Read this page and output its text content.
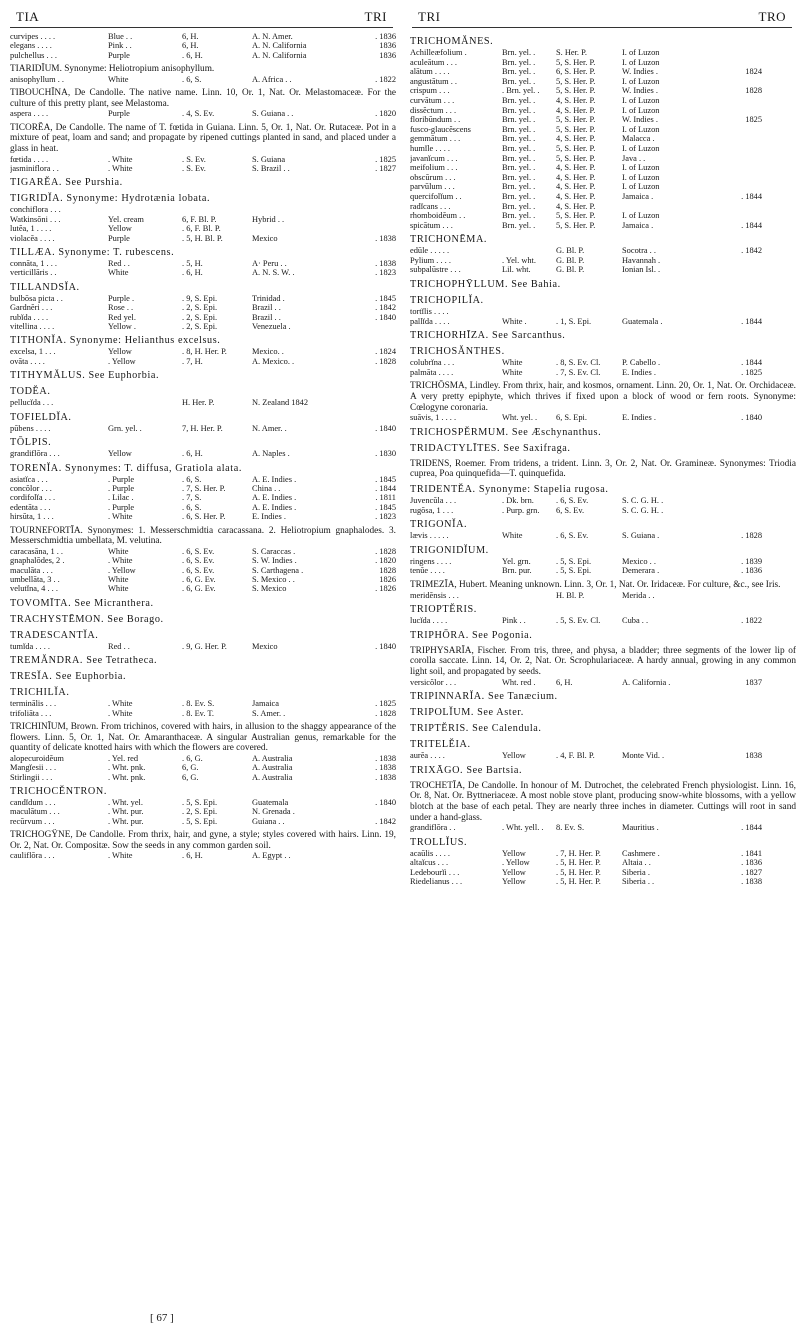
TIA	TRI TRI	TRO
curvipes . . . .	Blue . .	6, H.	A. N. Amer.	. 1836
elegans . . . .	Pink . .	6, H.	A. N. California	1836
pulchellus . . .	Purple	. 6, H.	A. N. California	1836
TIARIDĬUM. Synonyme: Heliotropium anisophyllum.
anisophyllum . .	White	. 6, S.	A. Africa . .	. 1822
TIBOUCHĬNA, De Candolle. The native name. Linn. 10, Or. 1, Nat. Or. Melastomaceæ. For the culture of this pretty plant, see Melastoma.
aspera . . . .	Purple	. 4, S. Ev.	S. Guiana . .	. 1820
TICORĔA, De Candolle. The name of T. fœtida in Guiana. Linn. 5, Or. 1, Nat. Or. Rutaceæ. Pot in a mixture of peat, loam and sand; and propagate by ripened cuttings planted in sand, and placed under a glass in heat.
fœtida . . . .	. White	. S. Ev.	S. Guiana	. 1825
jasminiflora . .	. White	. S. Ev.	S. Brazil . .	. 1827
TIGARĔA. See Purshia.
TIGRIDĬA. Synonyme: Hydrotænia lobata.
conchiflora . . .
Watkinsŏni . . .	Yel. cream	6, F. Bl. P.	Hybrid . .
lutĕa, 1 . . . .	Yellow	. 6, F. Bl. P.
violacĕa . . . .	Purple	. 5, H. Bl. P.	Mexico	. 1838
TILLÆA. Synonyme: T. rubescens.
connāta, 1 . . .	Red . .	. 5, H.	A· Peru . .	. 1838
verticillāris . .	White	. 6, H.	A. N. S. W. .	. 1823
TILLANDSĬA.
bulbōsa picta . .	Purple .	. 9, S. Epi.	Trinidad .	. 1845
Gardnĕri . . .	Rose . .	. 2, S. Epi.	Brazil . .	. 1842
rubĭda . . . .	Red yel.	. 2, S. Epi.	Brazil . .	. 1840
vitellina . . . .	Yellow .	. 2, S. Epi.	Venezuela .
TITHONĬA. Synonyme: Helianthus excelsus.
excelsa, 1 . . .	Yellow	. 8, H. Her. P.	Mexico. .	. 1824
ovāta . . . .	. Yellow	. 7, H.	A. Mexico. .	. 1828
TITHYMĂLUS. See Euphorbia.
TODĔA.
pellucĭda . . .	H. Her. P.	N. Zealand 1842
TOFIELDĬA.
pūbens . . . .	Grn. yel. .	7, H. Her. P.	N. Amer. .	. 1840
TŌLPIS.
grandiflōra . . .	Yellow	. 6, H.	A. Naples .	. 1830
TORENĬA. Synonymes: T. diffusa, Gratiola alata.
asiatĭca . . .	. Purple	. 6, S.	A. E. Indies .	. 1845
concŏlor . . .	. Purple	. 7, S. Her. P.	China . .	. 1844
cordifolĭa . . .	. Lilac .	. 7, S.	A. E. Indies .	. 1811
edentāta . . .	. Purple	. 6, S.	A. E. Indies .	. 1845
hirsūta, 1 . . .	. White	. 6, S. Her. P.	E. Indies .	. 1823
TOURNEFORTĬA. Synonymes: 1. Messerschmidtia caracassana. 2. Heliotropium gnaphalodes. 3. Messerschmidtia umbellata, M. velutina.
caracasāna, 1 . .	White	. 6, S. Ev.	S. Caraccas .	. 1828
gnaphalōdes, 2 .	. White	. 6, S. Ev.	S. W. Indies .	. 1820
maculāta . . .	. Yellow	. 6, S. Ev.	S. Carthagena .	1828
umbellāta, 3 . .	White	. 6, G. Ev.	S. Mexico . .	1826
velutĭna, 4 . . .	White	. 6, G. Ev.	S. Mexico	. 1826
TOVOMĪTA. See Micranthera.
TRACHYSTĒMON. See Borago.
TRADESCANTĬA.
tumĭda . . . .	Red . .	. 9, G. Her. P.	Mexico	. 1840
TREMĂNDRA. See Tetratheca.
TRESĬA. See Euphorbia.
TRICHILĬA.
terminālis . . .	. White	. 8. Ev. S.	Jamaica	. 1825
trifoliāta . . .	. White	. 8. Ev. T.	S. Amer. .	. 1828
TRICHINĬUM, Brown. From trichinos, covered with hairs, in allusion to the shaggy appearance of the flowers. Linn. 5, Or. 1, Nat. Or. Amaranthaceæ. A singular Australian genus, remarkable for the quantity of delicate knotted hairs with which the flowers are covered.
alopecuroidĕum	. Yel. red	. 6, G.	A. Australia	. 1838
Mangĭesii . . .	. Wht. pnk.	6, G.	A. Australia	. 1838
Stirlingii . . .	. Wht. pnk.	6, G.	A. Australia	. 1838
TRICHOCĔNTRON.
candĭdum . . .	. Wht. yel.	. 5, S. Epi.	Guatemala	. 1840
maculātum . . .	. Wht. pur.	. 2, S. Epi.	N. Grenada .
recūrvum . . .	. Wht. pur.	. 5, S. Epi.	Guiana . .	. 1842
TRICHOGŸNE, De Candolle. From thrix, hair, and gyne, a style; styles covered with hairs. Linn. 19, Or. 2, Nat. Or. Compositæ. Sow the seeds in any common garden soil.
cauliflōra . . .	. White	. 6, H.	A. Egypt . .
[ 67 ]
TRICHOMĂNES.
Achilleæfolium .	Brn. yel. .	S. Her. P.	I. of Luzon
aculeātum . . .	Brn. yel. .	5, S. Her. P.	I. of Luzon
alātum . . . .	Brn. yel. .	6, S. Her. P.	W. Indies .	1824
angustātum . .	Brn. yel. .	5, S. Her. P.	I. of Luzon
crispum . . .	. Brn. yel. .	5, S. Her. P.	W. Indies .	1828
curvātum . . .	Brn. yel. .	4, S. Her. P.	I. of Luzon
dissĕctum . . .	Brn. yel. .	4, S. Her. P.	I. of Luzon
floribūndum . .	Brn. yel. .	5, S. Her. P.	W. Indies .	1825
fusco-glaucĕscens	Brn. yel. .	5, S. Her. P.	I. of Luzon
gemmātum . . .	Brn. yel. .	4, S. Her. P.	Malacca .
humĭle . . . .	Brn. yel. .	5, S. Her. P.	I. of Luzon
javanĭcum . . .	Brn. yel. .	5, S. Her. P.	Java . .
meifolium . . .	Brn. yel. .	4, S. Her. P.	I. of Luzon
obscūrum . . .	Brn. yel. .	4, S. Her. P.	I. of Luzon
parvūlum . . .	Brn. yel. .	4, S. Her. P.	I. of Luzon
quercifolĭum . .	Brn. yel. .	4, S. Her. P.	Jamaica .	. 1844
radĭcans . . .	Brn. yel. .	4, S. Her. P.
rhomboidĕum . .	Brn. yel. .	5, S. Her. P.	I. of Luzon
spicātum . . .	Brn. yel. .	5, S. Her. P.	Jamaica .	. 1844
TRICHONĒMA.
edūle . . . . .	G. Bl. P.	Socotra . .	. 1842
Pylium . . . .	. Yel. wht.	G. Bl. P.	Havannah .
subpalūstre . . .	Lil. wht.	G. Bl. P.	Ionian Isl. .
TRICHOPHȲLLUM. See Bahia.
TRICHOPILĬA.
tortĭlis . . . .
pallĭda . . . .	White .	. 1, S. Epi.	Guatemala .	. 1844
TRICHORHĪZA. See Sarcanthus.
TRICHOSĂNTHES.
colubrĭna . . .	White	. 8, S. Ev. Cl.	P. Cabello .	. 1844
palmāta . . . .	White	. 7, S. Ev. Cl.	E. Indies .	. 1825
TRICHŌSMA, Lindley. From thrix, hair, and kosmos, ornament. Linn. 20, Or. 1, Nat. Or. Orchidaceæ. A very pretty epiphyte, which thrives if fixed upon a block of wood or fern roots. Synonyme: Cœlogyne coronaria.
suāvis, 1 . . . .	Wht. yel. .	6, S. Epi.	E. Indies .	. 1840
TRICHOSPĔRMUM. See Æschynanthus.
TRIDACTYLĪTES. See Saxifraga.
TRIDENS, Roemer. From tridens, a trident. Linn. 3, Or. 2, Nat. Or. Gramineæ. Synonymes: Triodia cuprea, Poa quinquefida—T. quinquefida.
TRIDENTĔA. Synonyme: Stapelia rugosa.
Juvencŭla . . .	. Dk. brn.	. 6, S. Ev.	S. C. G. H. .
rugōsa, 1 . . .	. Purp. grn.	6, S. Ev.	S. C. G. H. .
TRIGONĬA.
lævis . . . . .	White	. 6, S. Ev.	S. Guiana .	. 1828
TRIGONIDĬUM.
ringens . . . .	Yel. grn.	. 5, S. Epi.	Mexico . .	. 1839
tenŭe . . . .	Brn. pur.	. 5, S. Epi.	Demerara .	. 1836
TRIMEZĬA, Hubert. Meaning unknown. Linn. 3, Or. 1, Nat. Or. Iridaceæ. For culture, &c., see Iris.
meridĕnsis . . .	H. Bl. P.	Merida . .
TRIOPTĔRIS.
lucĭda . . . .	Pink . .	. 5, S. Ev. Cl.	Cuba . .	. 1822
TRIPHŌRA. See Pogonia.
TRIPHYSARĬA, Fischer. From tris, three, and physa, a bladder; three segments of the lower lip of corolla saccate. Linn. 14, Or. 2, Nat. Or. Scrophulariaceæ. A hardy annual, growing in any common light soil, and propagated by seeds.
versicŏlor . . .	Wht. red .	6, H.	A. California .	1837
TRIPINNARĬA. See Tanæcium.
TRIPOLĬUM. See Aster.
TRIPTĔRIS. See Calendula.
TRITELĔIA.
aurĕa . . . .	Yellow	. 4, F. Bl. P.	Monte Vid. .	1838
TRIXĀGO. See Bartsia.
TROCHETĬA, De Candolle. In honour of M. Dutrochet, the celebrated French physiologist. Linn. 16, Or. 8, Nat. Or. Byttneriaceæ. A most noble stove plant, producing snow-white blossoms, with a yellow blotch at the base of each petal. They are nearly three inches in diameter. Cuttings will root in sand under a hand-glass.
grandiflōra . .	. Wht. yell. .	8. Ev. S.	Mauritius .	. 1844
TROLLĬUS.
acaūlis . . . .	Yellow	. 7, H. Her. P.	Cashmere .	. 1841
altaĭcus . . .	. Yellow	. 5, H. Her. P.	Altaia . .	. 1836
Ledebourĭi . . .	Yellow	. 5, H. Her. P.	Siberia .	. 1827
Riedelianus . . .	Yellow	. 5, H. Her. P.	Siberia . .	. 1838
